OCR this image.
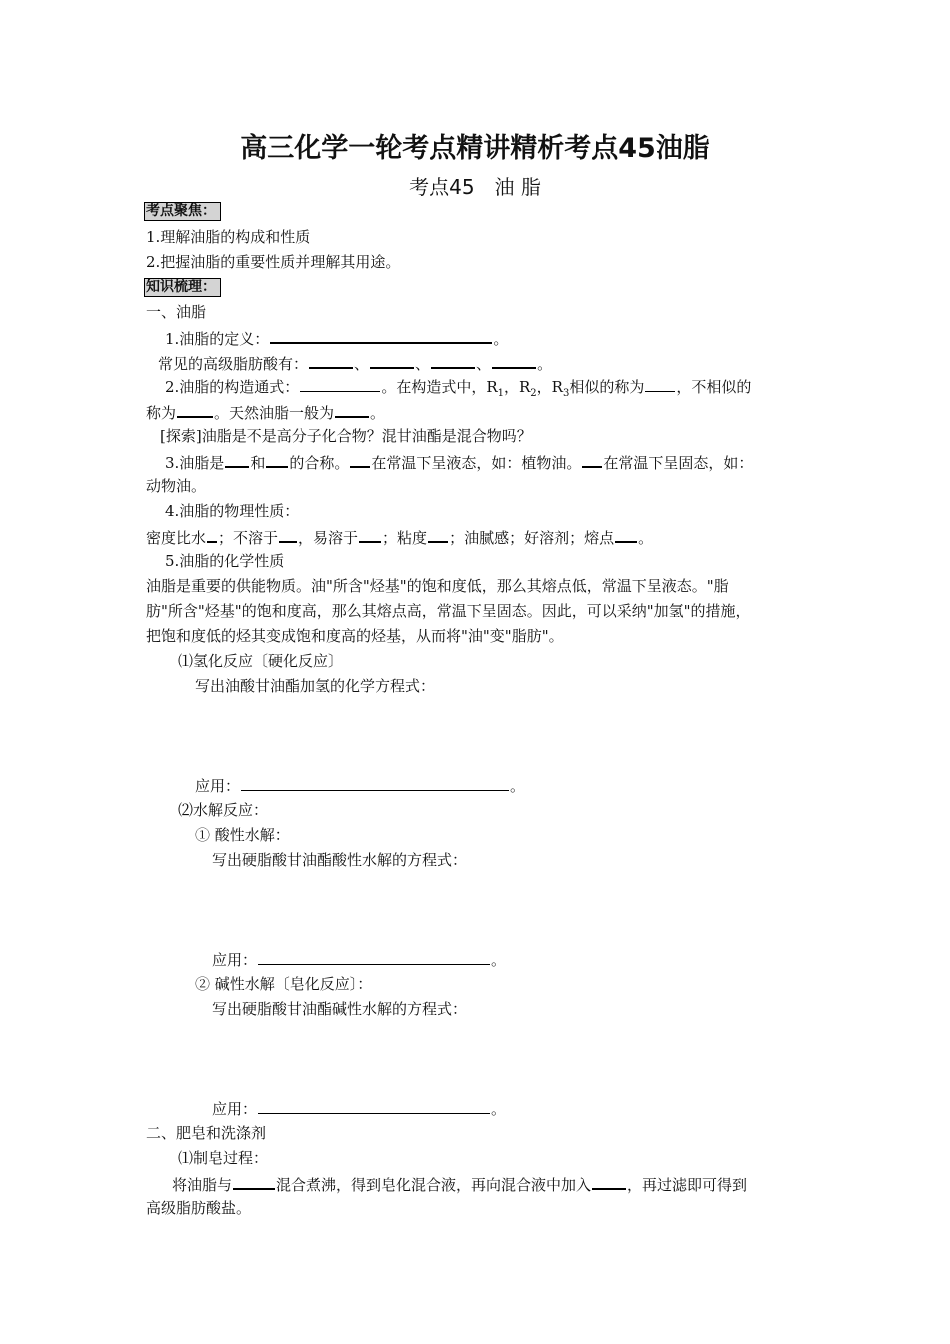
高三化学一轮考点精讲精析考点45油脂
考点45　油 脂
考点聚焦：
1.理解油脂的构成和性质
2.把握油脂的重要性质并理解其用途。
知识梳理：
一、油脂
1.油脂的定义：	。
常见的高级脂肪酸有：	、	、	、	。
2.油脂的构造通式：	。在构造式中，$R_1$，$R_2$，$R_3$相似的称为 ，不相似的
称为	。天然油脂一般为 。
[探索]油脂是不是高分子化合物？混甘油酯是混合物吗？
3.油脂是 和 的合称。 在常温下呈液态，如：植物油。 在常温下呈固态，如：
动物油。
4.油脂的物理性质：
密度比水 ；不溶于 ，易溶于 ；粘度 ；油腻感；好溶剂；熔点 。
5.油脂的化学性质
油脂是重要的供能物质。油"所含"烃基"的饱和度低，那么其熔点低，常温下呈液态。"脂
肪"所含"烃基"的饱和度高，那么其熔点高，常温下呈固态。因此，可以采纳"加氢"的措施，
把饱和度低的烃其变成饱和度高的烃基，从而将"油"变"脂肪"。
⑴氢化反应〔硬化反应〕
写出油酸甘油酯加氢的化学方程式：
应用：	。
⑵水解反应：
① 酸性水解：
写出硬脂酸甘油酯酸性水解的方程式：
应用：	。
② 碱性水解〔皂化反应〕：
写出硬脂酸甘油酯碱性水解的方程式：
应用：	。
二、肥皂和洗涤剂
⑴制皂过程：
将油脂与	混合煮沸，得到皂化混合液，再向混合液中加入 ，再过滤即可得到
高级脂肪酸盐。
